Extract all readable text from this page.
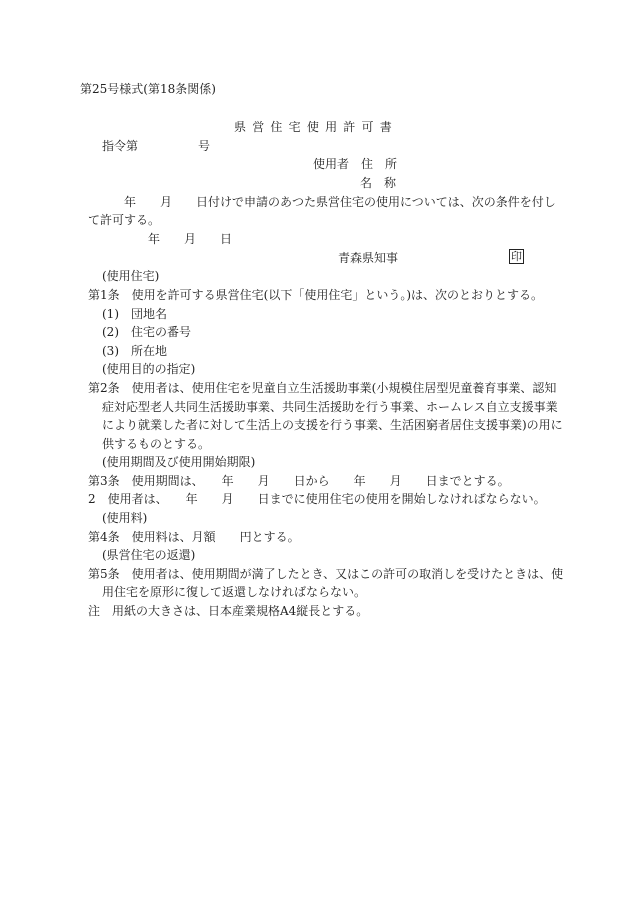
第25号様式(第18条関係)
県 営 住 宅 使 用 許 可 書
指令第　　　　　号
使用者　住　所
名　称
年　　月　　日付けで申請のあつた県営住宅の使用については、次の条件を付し
て許可する。
年　　月　　日
青森県知事	印
(使用住宅)
第1条　使用を許可する県営住宅(以下「使用住宅」という。)は、次のとおりとする。
(1)　団地名
(2)　住宅の番号
(3)　所在地
(使用目的の指定)
第2条　使用者は、使用住宅を児童自立生活援助事業(小規模住居型児童養育事業、認知
症対応型老人共同生活援助事業、共同生活援助を行う事業、ホームレス自立支援事業
により就業した者に対して生活上の支援を行う事業、生活困窮者居住支援事業)の用に
供するものとする。
(使用期間及び使用開始期限)
第3条　使用期間は、　　年　　月　　日から　　年　　月　　日までとする。
2　使用者は、　　年　　月　　日までに使用住宅の使用を開始しなければならない。
(使用料)
第4条　使用料は、月額　　円とする。
(県営住宅の返還)
第5条　使用者は、使用期間が満了したとき、又はこの許可の取消しを受けたときは、使
用住宅を原形に復して返還しなければならない。
注　用紙の大きさは、日本産業規格A4縦長とする。
